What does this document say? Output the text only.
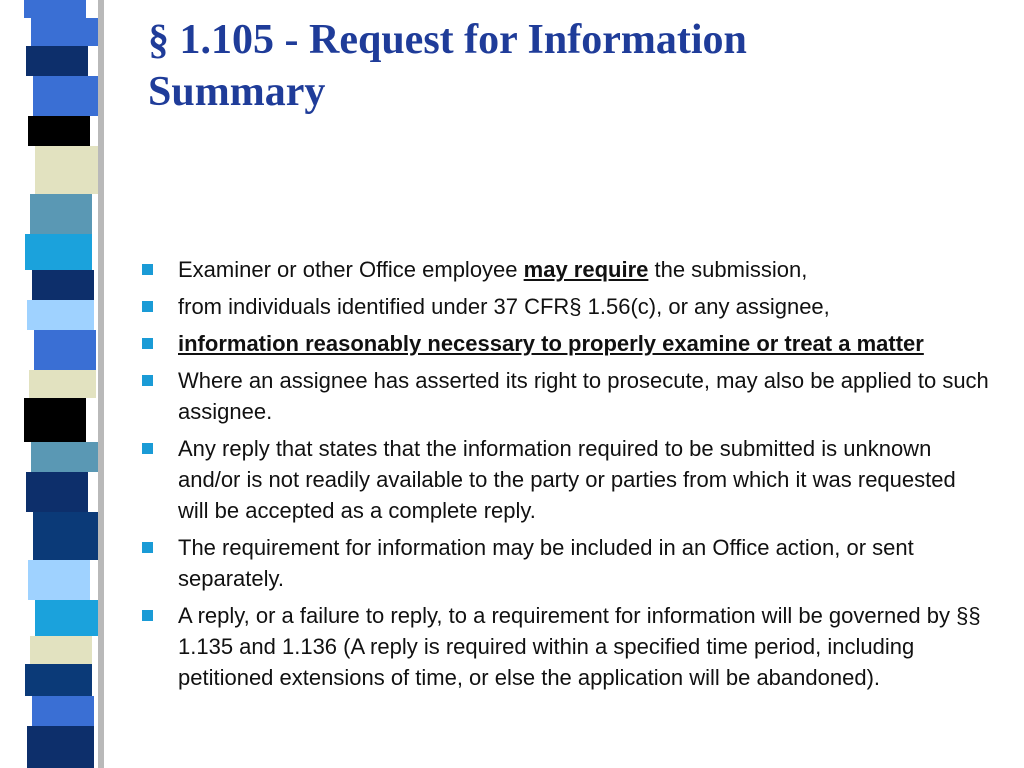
§ 1.105 - Request for Information
Summary
Examiner or other Office employee may require the submission,
from individuals identified under 37 CFR§ 1.56(c), or any assignee,
information reasonably necessary to properly examine or treat a matter
Where an assignee has asserted its right to prosecute, may also be applied to such assignee.
Any reply that states that the information required to be submitted is unknown and/or is not readily available to the party or parties from which it was requested will be accepted as a complete reply.
The requirement for information may be included in an Office action, or sent separately.
A reply, or a failure to reply, to a requirement for information will be governed by §§ 1.135 and 1.136 (A reply is required within a specified time period, including petitioned extensions of time, or else the application will be abandoned).
